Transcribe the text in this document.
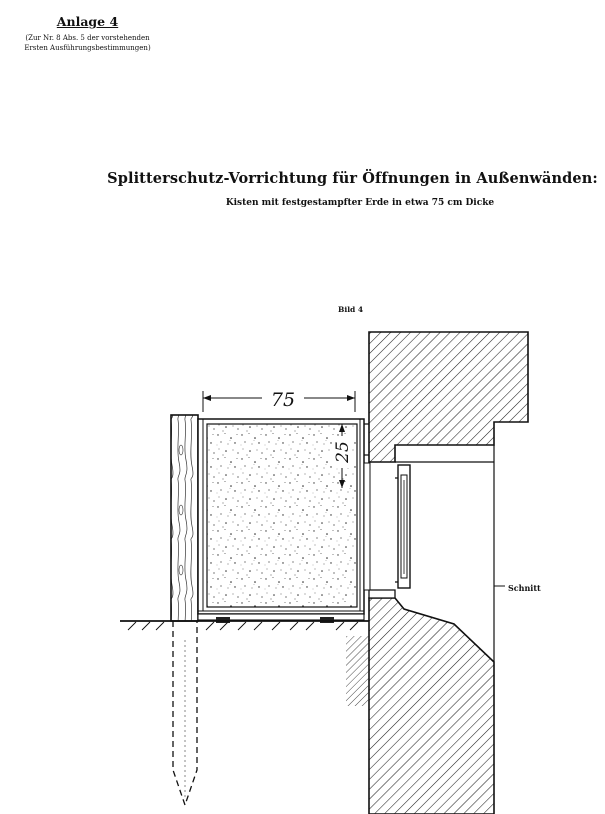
Anlage 4
(Zur Nr. 8 Abs. 5 der vorstehenden
Ersten Ausführungsbestimmungen)
Splitterschutz-Vorrichtung für Öffnungen in Außenwänden:
Kisten mit festgestampfter Erde in etwa 75 cm Dicke
Bild 4
Schnitt
75
25
